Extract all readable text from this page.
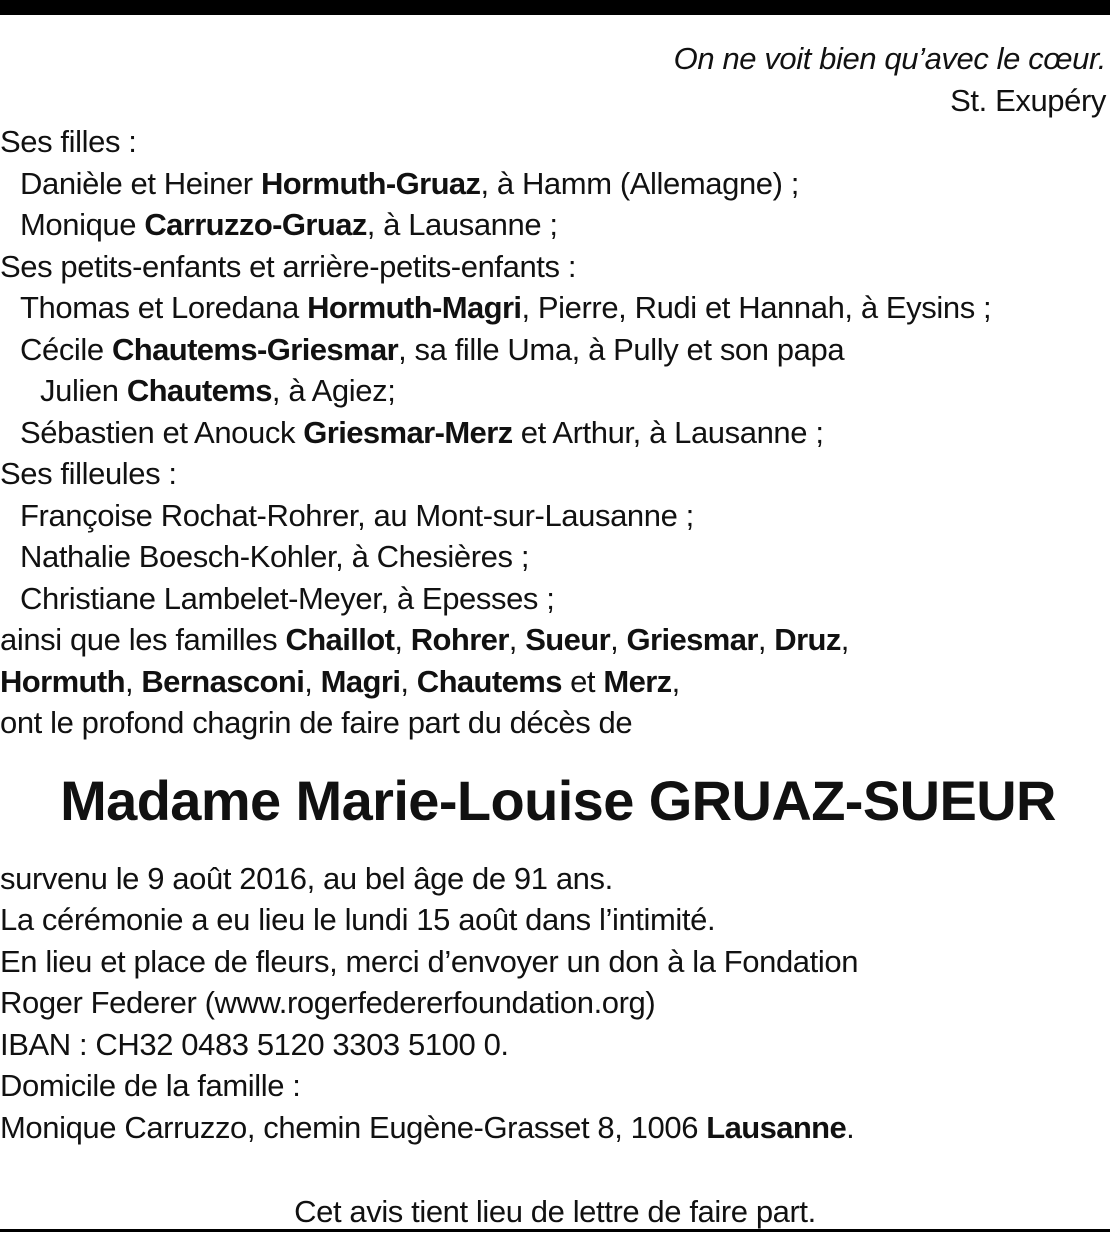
On ne voit bien qu’avec le cœur.
St. Exupéry
Ses filles :
Danièle et Heiner Hormuth-Gruaz, à Hamm (Allemagne) ;
Monique Carruzzo-Gruaz, à Lausanne ;
Ses petits-enfants et arrière-petits-enfants :
Thomas et Loredana Hormuth-Magri, Pierre, Rudi et Hannah, à Eysins ;
Cécile Chautems-Griesmar, sa fille Uma, à Pully et son papa
Julien Chautems, à Agiez;
Sébastien et Anouck Griesmar-Merz et Arthur, à Lausanne ;
Ses filleules :
Françoise Rochat-Rohrer, au Mont-sur-Lausanne ;
Nathalie Boesch-Kohler, à Chesières ;
Christiane Lambelet-Meyer, à Epesses ;
ainsi que les familles Chaillot, Rohrer, Sueur, Griesmar, Druz,
Hormuth, Bernasconi, Magri, Chautems et Merz,
ont le profond chagrin de faire part du décès de
Madame Marie-Louise GRUAZ-SUEUR
survenu le 9 août 2016, au bel âge de 91 ans.
La cérémonie a eu lieu le lundi 15 août dans l’intimité.
En lieu et place de fleurs, merci d’envoyer un don à la Fondation
Roger Federer (www.rogerfedererfoundation.org)
IBAN : CH32 0483 5120 3303 5100 0.
Domicile de la famille :
Monique Carruzzo, chemin Eugène-Grasset 8, 1006 Lausanne.
Cet avis tient lieu de lettre de faire part.
